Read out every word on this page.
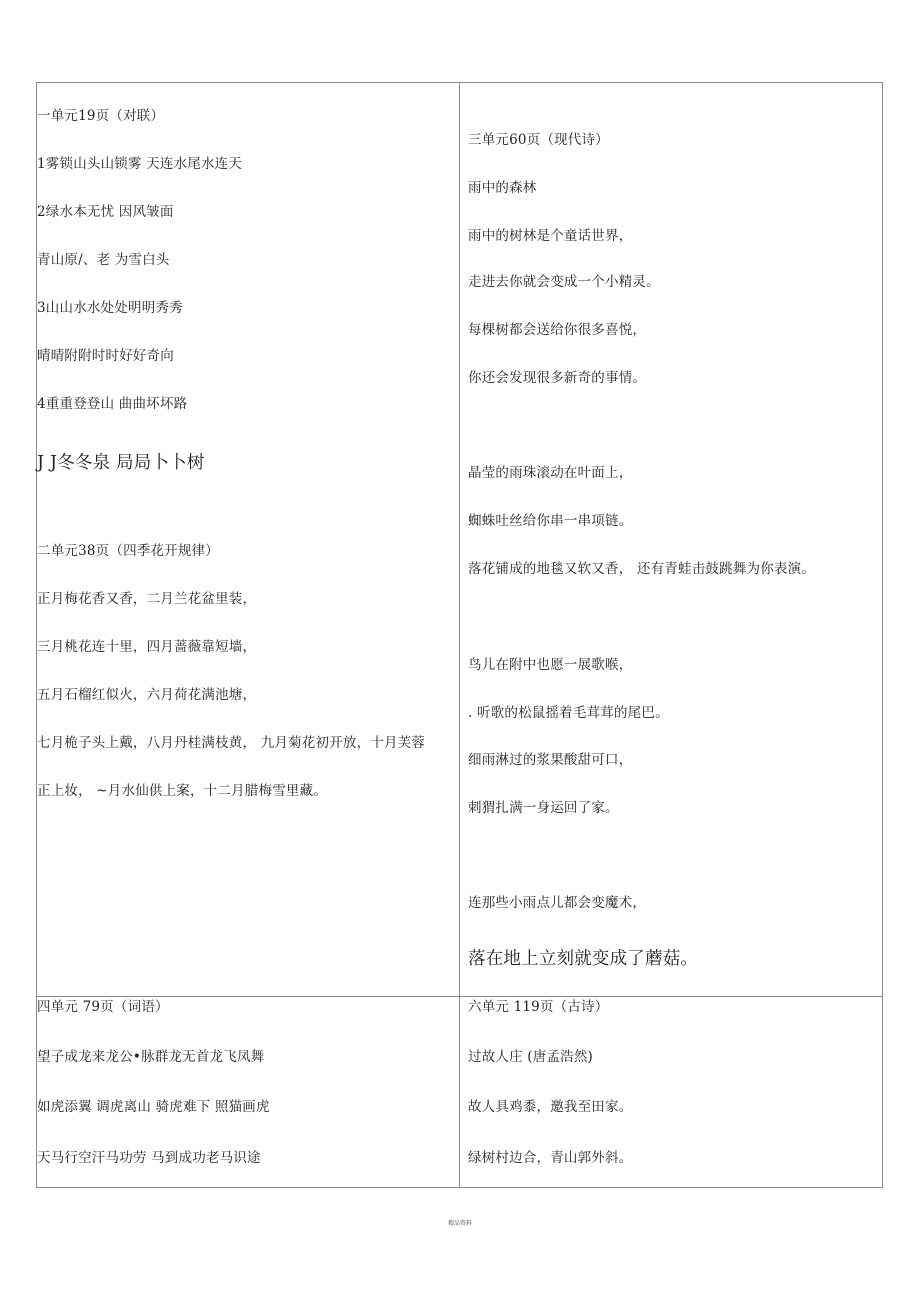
一单元19页（对联）
1雾锁山头山锁雾 天连水尾水连天
2绿水本无忧 因风皱面
青山原/、老 为雪白头
3山山水水处处明明秀秀
晴晴附附时时好好奇向
4重重登登山 曲曲坏坏路
J J冬冬泉 局局卜卜树
二单元38页（四季花开规律）
正月梅花香又香，二月兰花盆里装，
三月桃花连十里，四月蔷薇靠短墙，
五月石榴红似火，六月荷花满池塘，
七月桅子头上戴，八月丹桂满枝黄， 九月菊花初开放，十月芙蓉
正上妆， ~月水仙供上案，十二月腊梅雪里藏。
三单元60页（现代诗）
雨中的森林
雨中的树林是个童话世界，
走进去你就会变成一个小精灵。
每棵树都会送给你很多喜悦，
你还会发现很多新奇的事情。
晶莹的雨珠滚动在叶面上，
蜘蛛吐丝给你串一串项链。
落花铺成的地毯又软又香， 还有青蛙击鼓跳舞为你表演。
鸟儿在附中也愿一展歌喉，
. 听歌的松鼠摇着毛茸茸的尾巴。
细雨淋过的浆果酸甜可口，
刺猬扎满一身运回了家。
连那些小雨点儿都会变魔术，
落在地上立刻就变成了蘑菇。
四单元 79页（词语）
望子成龙来龙公•脉群龙无首龙飞凤舞
如虎添翼 调虎离山 骑虎难下 照猫画虎
天马行空汗马功劳 马到成功老马识途
六单元 119页（古诗）
过故人庄 (唐孟浩然)
故人具鸡黍，邀我至田家。
绿树村边合，青山郭外斜。
精品资料
